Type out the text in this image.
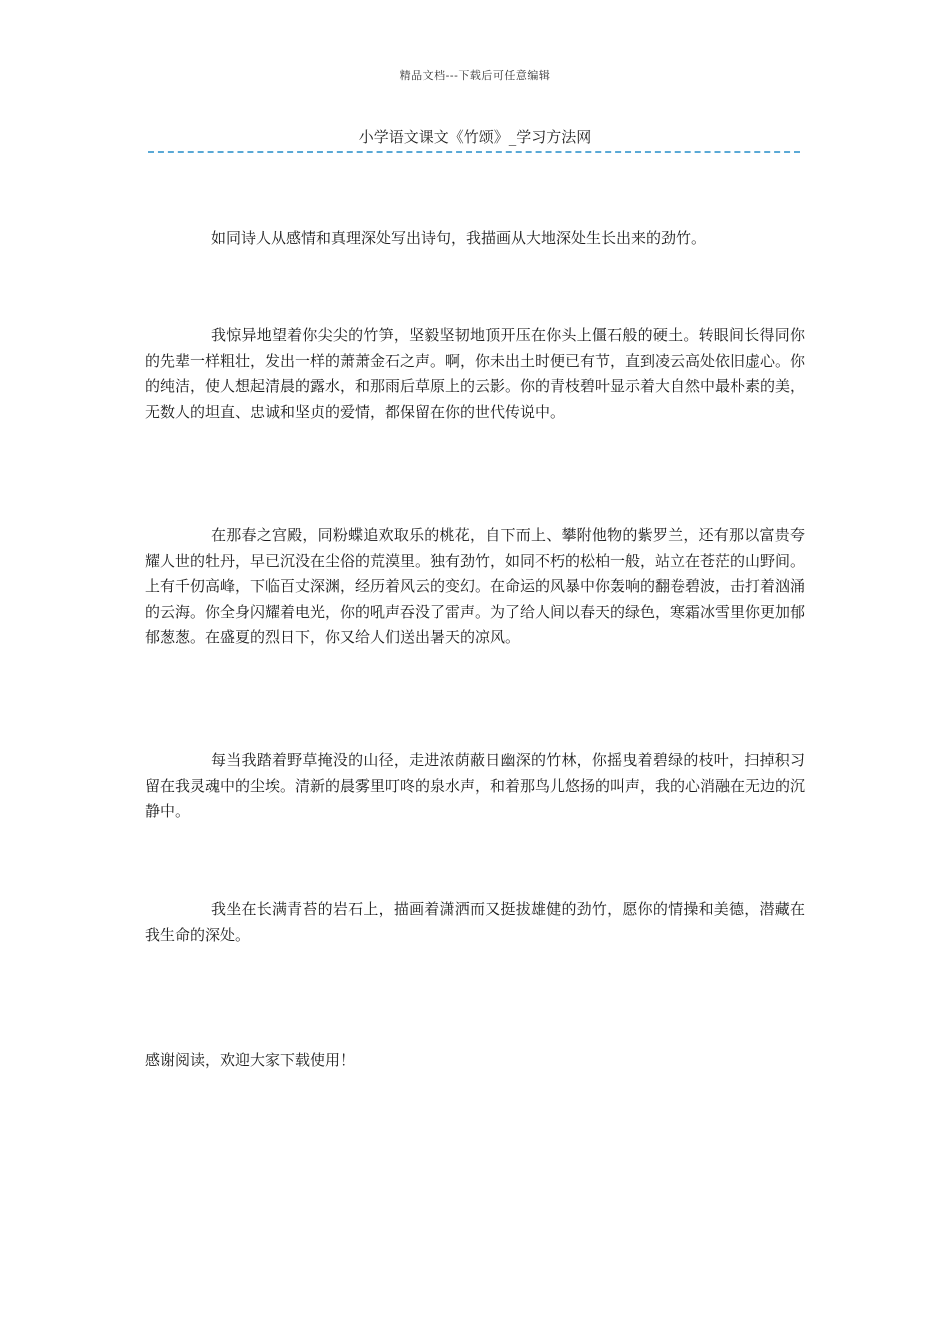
精品文档---下载后可任意编辑
小学语文课文《竹颂》_学习方法网

如同诗人从感情和真理深处写出诗句，我描画从大地深处生长出来的劲竹。

我惊异地望着你尖尖的竹笋，坚毅坚韧地顶开压在你头上僵石般的硬土。转眼间长得同你的先辈一样粗壮，发出一样的萧萧金石之声。啊，你未出土时便已有节，直到凌云高处依旧虚心。你的纯洁，使人想起清晨的露水，和那雨后草原上的云影。你的青枝碧叶显示着大自然中最朴素的美，无数人的坦直、忠诚和坚贞的爱情，都保留在你的世代传说中。

在那春之宫殿，同粉蝶追欢取乐的桃花，自下而上、攀附他物的紫罗兰，还有那以富贵夸耀人世的牡丹，早已沉没在尘俗的荒漠里。独有劲竹，如同不朽的松柏一般，站立在苍茫的山野间。上有千仞高峰，下临百丈深渊，经历着风云的变幻。在命运的风暴中你轰响的翻卷碧波，击打着汹涌的云海。你全身闪耀着电光，你的吼声吞没了雷声。为了给人间以春天的绿色，寒霜冰雪里你更加郁郁葱葱。在盛夏的烈日下，你又给人们送出暑天的凉风。

每当我踏着野草掩没的山径，走进浓荫蔽日幽深的竹林，你摇曳着碧绿的枝叶，扫掉积习留在我灵魂中的尘埃。清新的晨雾里叮咚的泉水声，和着那鸟儿悠扬的叫声，我的心消融在无边的沉静中。

我坐在长满青苔的岩石上，描画着潇洒而又挺拔雄健的劲竹，愿你的情操和美德，潜藏在我生命的深处。

感谢阅读，欢迎大家下载使用！
